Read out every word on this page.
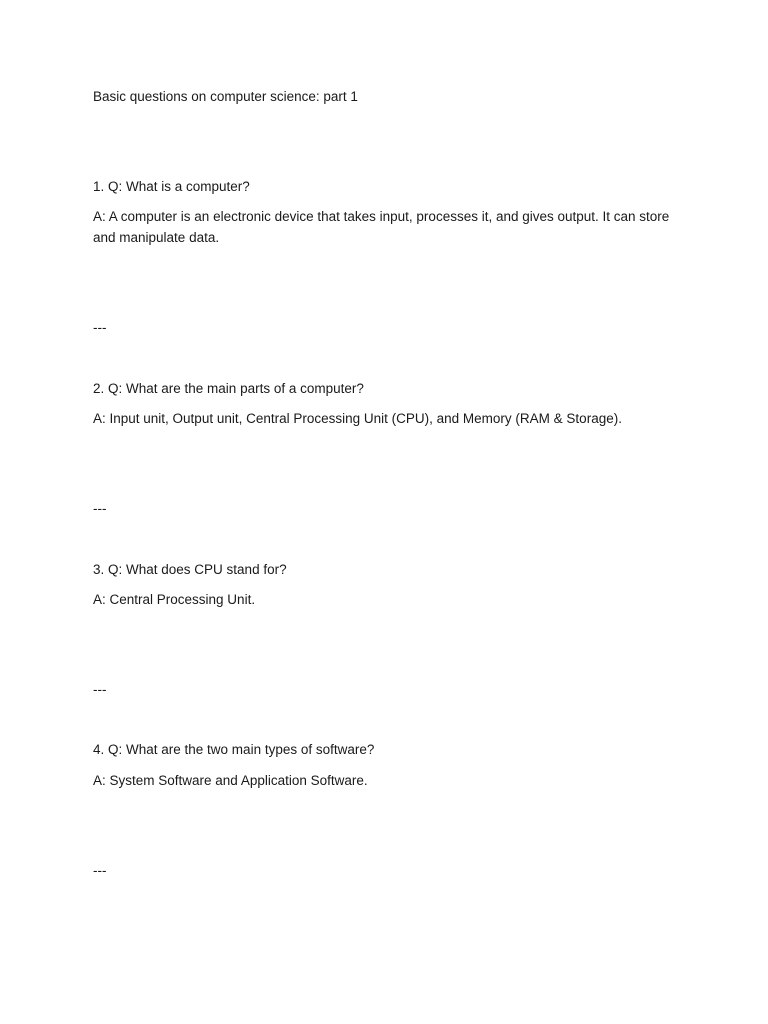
Basic questions on computer science: part 1
1. Q: What is a computer?
A: A computer is an electronic device that takes input, processes it, and gives output. It can store and manipulate data.
---
2. Q: What are the main parts of a computer?
A: Input unit, Output unit, Central Processing Unit (CPU), and Memory (RAM & Storage).
---
3. Q: What does CPU stand for?
A: Central Processing Unit.
---
4. Q: What are the two main types of software?
A: System Software and Application Software.
---
